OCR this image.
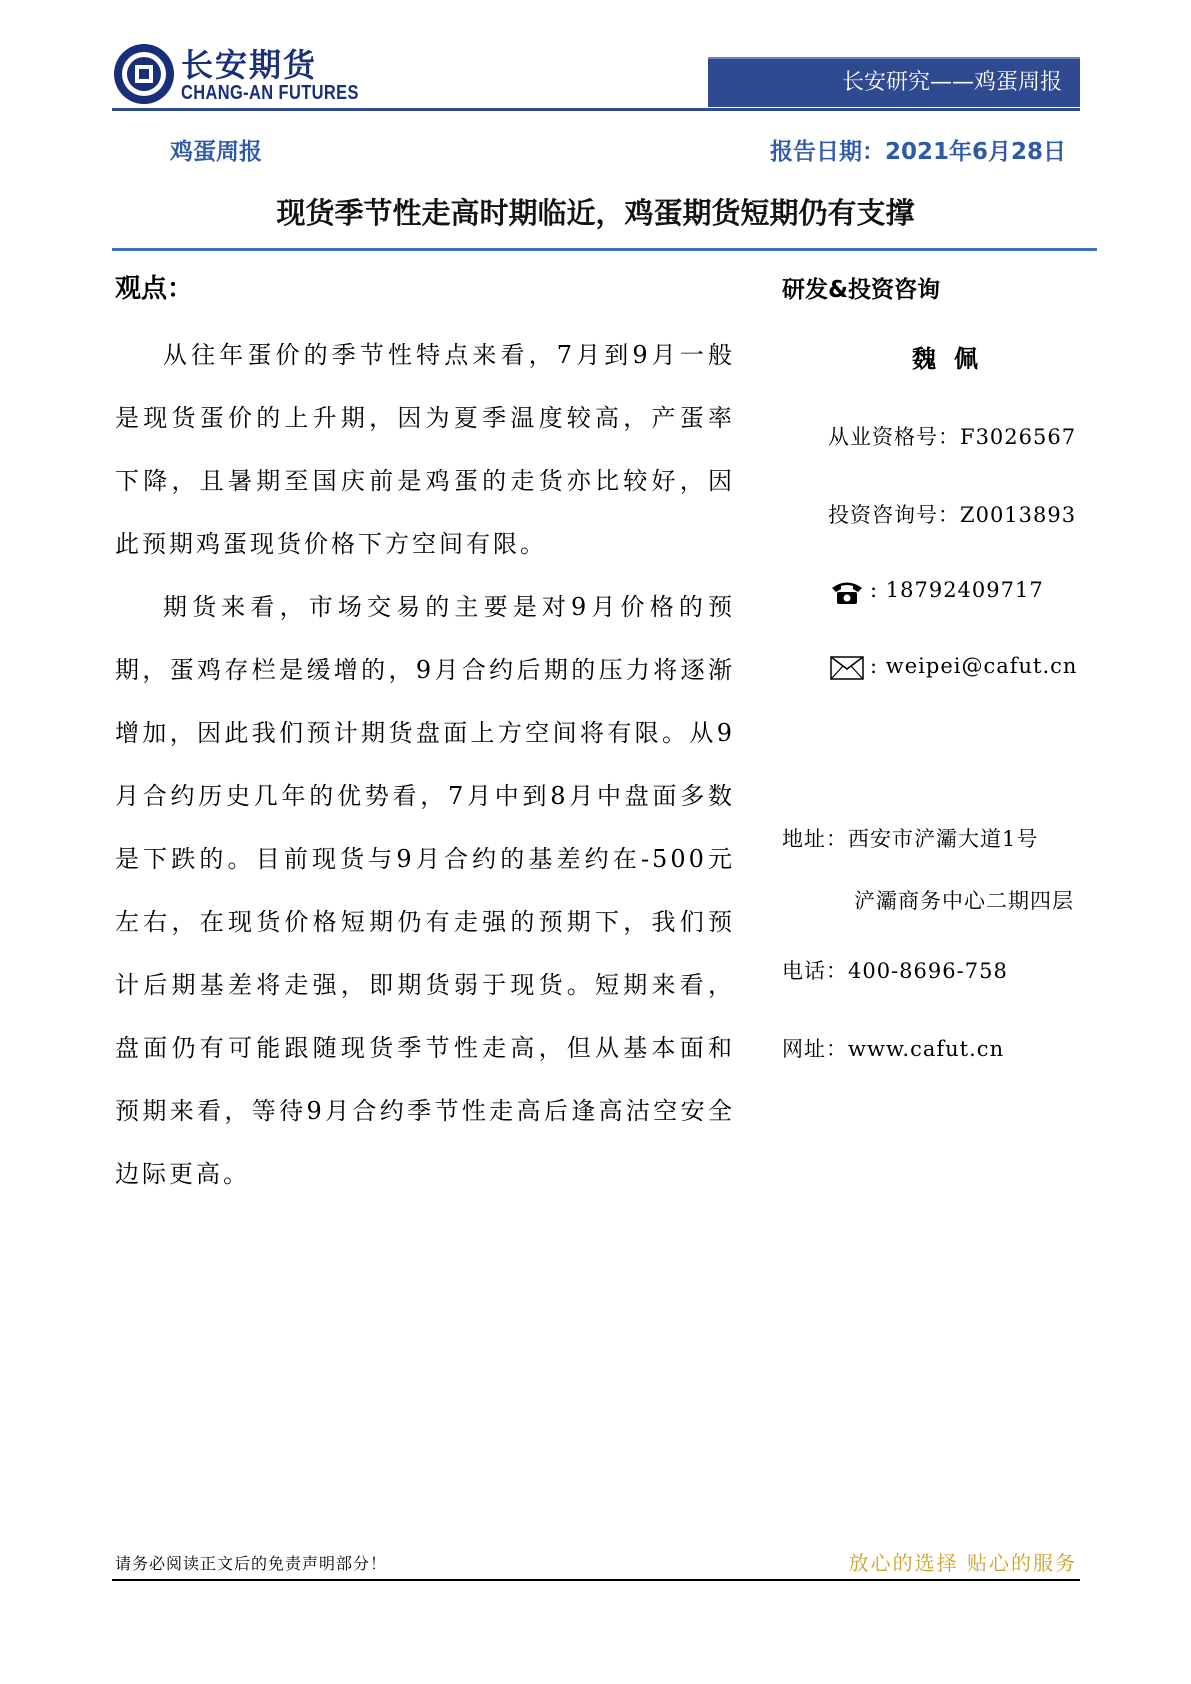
长安期货
CHANG-AN FUTURES	长安研究——鸡蛋周报
鸡蛋周报	报告日期：2021年6月28日
现货季节性走高时期临近，鸡蛋期货短期仍有支撑
观点：

从往年蛋价的季节性特点来看，7月到9月一般是现货蛋价的上升期，因为夏季温度较高，产蛋率下降，且暑期至国庆前是鸡蛋的走货亦比较好，因此预期鸡蛋现货价格下方空间有限。

期货来看，市场交易的主要是对9月价格的预期，蛋鸡存栏是缓增的，9月合约后期的压力将逐渐增加，因此我们预计期货盘面上方空间将有限。从9月合约历史几年的优势看，7月中到8月中盘面多数是下跌的。目前现货与9月合约的基差约在-500元左右，在现货价格短期仍有走强的预期下，我们预计后期基差将走强，即期货弱于现货。短期来看，盘面仍有可能跟随现货季节性走高，但从基本面和预期来看，等待9月合约季节性走高后逢高沽空安全边际更高。

研发&投资咨询
魏佩
从业资格号：F3026567
投资咨询号：Z0013893
: 18792409717
: weipei@cafut.cn
地址：西安市浐灞大道1号
浐灞商务中心二期四层
电话：400-8696-758
网址：www.cafut.cn
请务必阅读正文后的免责声明部分！	放心的选择 贴心的服务
